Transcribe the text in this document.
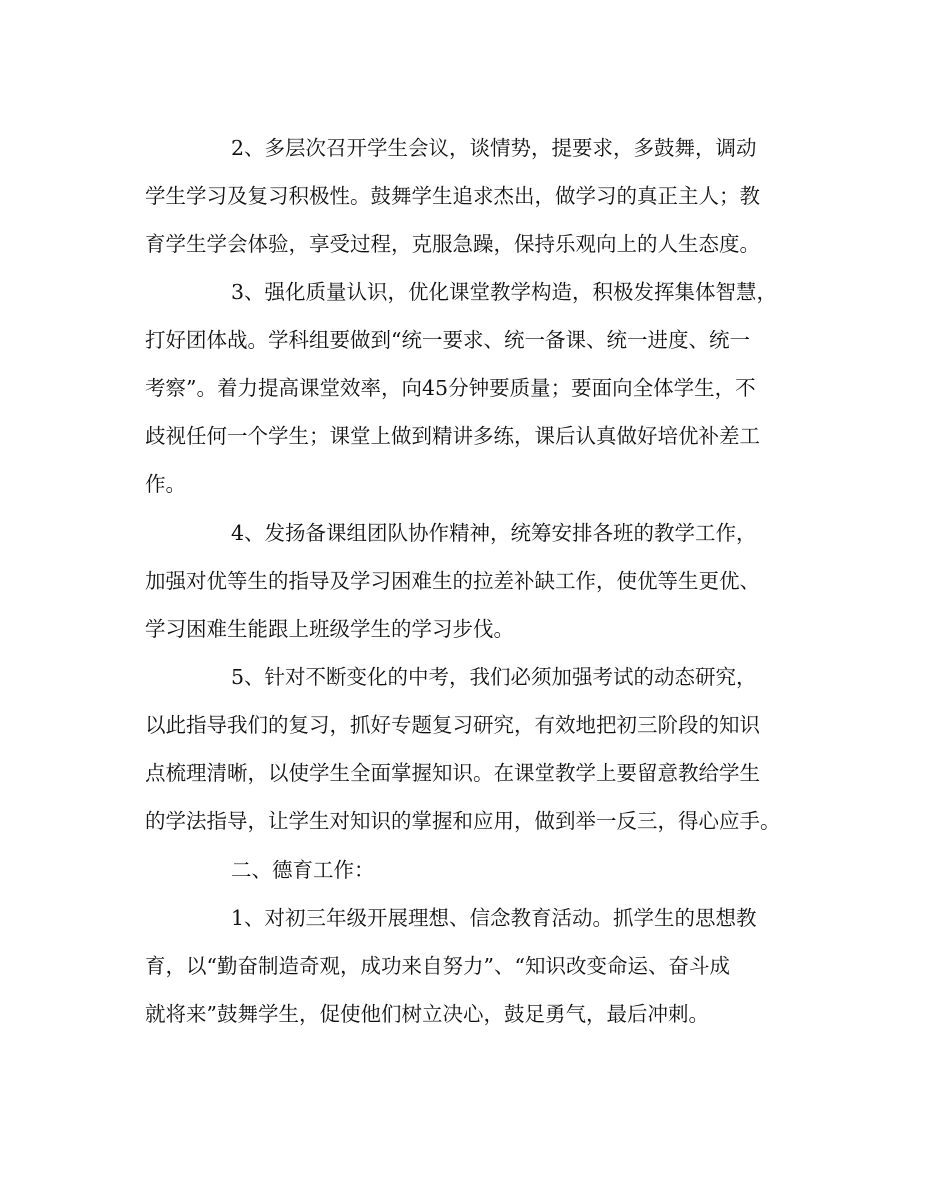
2、多层次召开学生会议，谈情势，提要求，多鼓舞，调动

学生学习及复习积极性。鼓舞学生追求杰出，做学习的真正主人；教

育学生学会体验，享受过程，克服急躁，保持乐观向上的人生态度。

3、强化质量认识，优化课堂教学构造，积极发挥集体智慧，

打好团体战。学科组要做到“统一要求、统一备课、统一进度、统一

考察”。着力提高课堂效率，向45分钟要质量；要面向全体学生，不

歧视任何一个学生；课堂上做到精讲多练，课后认真做好培优补差工

作。

4、发扬备课组团队协作精神，统筹安排各班的教学工作，

加强对优等生的指导及学习困难生的拉差补缺工作，使优等生更优、

学习困难生能跟上班级学生的学习步伐。

5、针对不断变化的中考，我们必须加强考试的动态研究，

以此指导我们的复习，抓好专题复习研究，有效地把初三阶段的知识

点梳理清晰，以使学生全面掌握知识。在课堂教学上要留意教给学生

的学法指导，让学生对知识的掌握和应用，做到举一反三，得心应手。

二、德育工作：

1、对初三年级开展理想、信念教育活动。抓学生的思想教

育，以“勤奋制造奇观，成功来自努力”、“知识改变命运、奋斗成

就将来”鼓舞学生，促使他们树立决心，鼓足勇气，最后冲刺。
